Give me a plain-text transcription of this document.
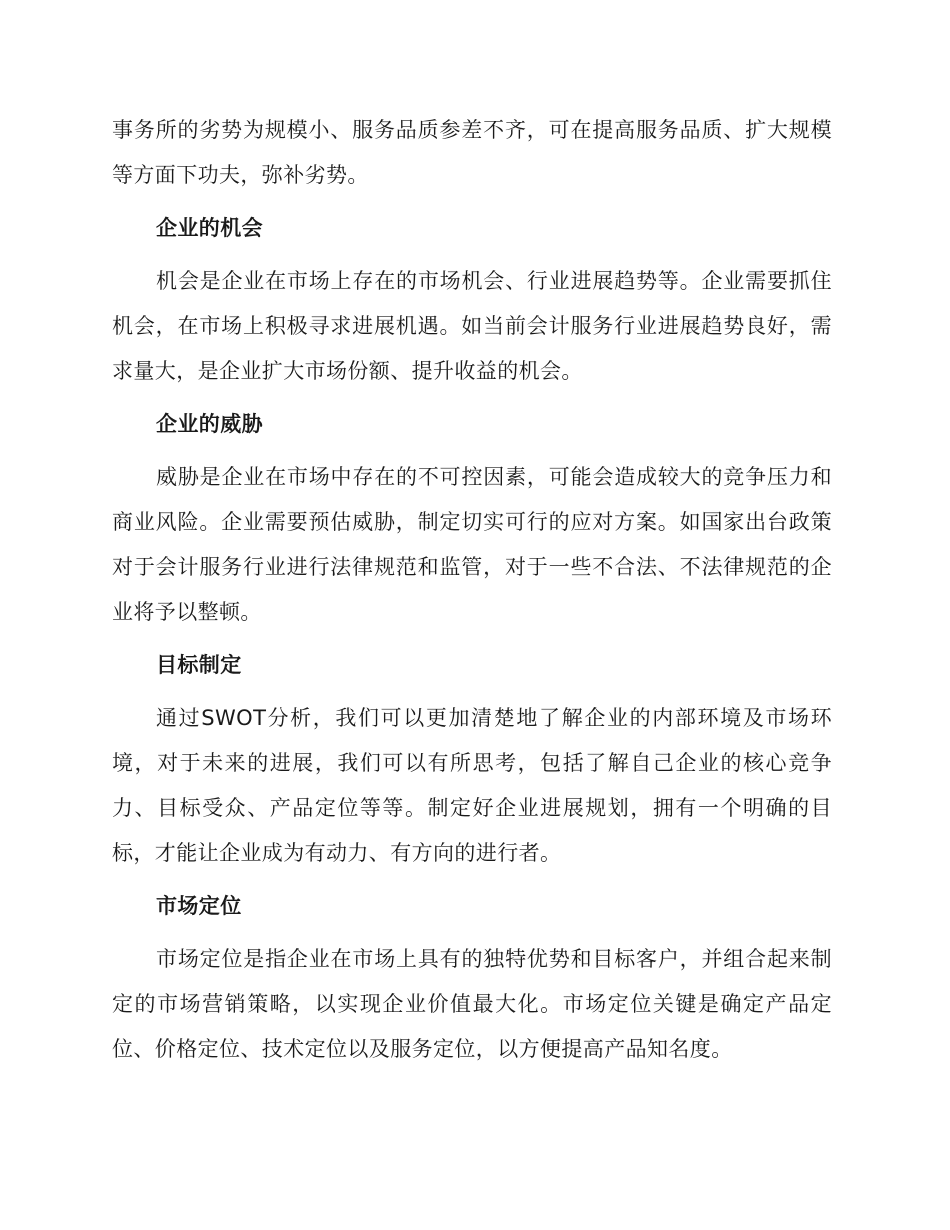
事务所的劣势为规模小、服务品质参差不齐，可在提高服务品质、扩大规模等方面下功夫，弥补劣势。

企业的机会

机会是企业在市场上存在的市场机会、行业进展趋势等。企业需要抓住机会，在市场上积极寻求进展机遇。如当前会计服务行业进展趋势良好，需求量大，是企业扩大市场份额、提升收益的机会。

企业的威胁

威胁是企业在市场中存在的不可控因素，可能会造成较大的竞争压力和商业风险。企业需要预估威胁，制定切实可行的应对方案。如国家出台政策对于会计服务行业进行法律规范和监管，对于一些不合法、不法律规范的企业将予以整顿。

目标制定

通过SWOT分析，我们可以更加清楚地了解企业的内部环境及市场环境，对于未来的进展，我们可以有所思考，包括了解自己企业的核心竞争力、目标受众、产品定位等等。制定好企业进展规划，拥有一个明确的目标，才能让企业成为有动力、有方向的进行者。

市场定位

市场定位是指企业在市场上具有的独特优势和目标客户，并组合起来制定的市场营销策略，以实现企业价值最大化。市场定位关键是确定产品定位、价格定位、技术定位以及服务定位，以方便提高产品知名度。
